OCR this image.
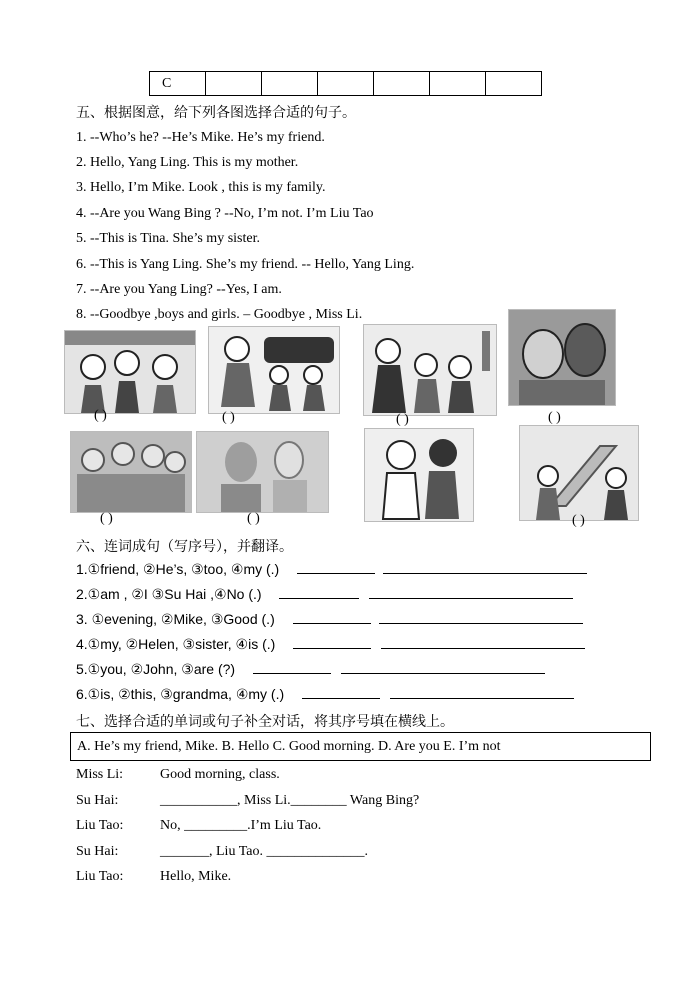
C						
五、根据图意，给下列各图选择合适的句子。
1. --Who’s he? --He’s Mike. He’s my friend.
2. Hello, Yang Ling. This is my mother.
3. Hello, I’m Mike. Look , this is my family.
4. --Are you Wang Bing ? --No, I’m not. I’m Liu Tao
5. --This is Tina. She’s my sister.
6. --This is Yang Ling. She’s my friend. -- Hello, Yang Ling.
7. --Are you Yang Ling? --Yes, I am.
8. --Goodbye ,boys and girls. – Goodbye , Miss Li.
( )	( )	( )	( )
( )	( )	( )
六、连词成句（写序号），并翻译。
1.①friend, ②He’s, ③too, ④my (.)
2.①am , ②I ③Su Hai ,④No (.)
3. ①evening, ②Mike, ③Good (.)
4.①my, ②Helen, ③sister, ④is (.)
5.①you, ②John, ③are (?)
6.①is, ②this, ③grandma, ④my (.)
七、选择合适的单词或句子补全对话，将其序号填在横线上。
A. He’s my friend, Mike. B. Hello C. Good morning. D. Are you E. I’m not
Miss Li:	Good morning, class.
Su Hai:	___________, Miss Li.________ Wang Bing?
Liu Tao:	No, _________.I’m Liu Tao.
Su Hai:	_______, Liu Tao. ______________.
Liu Tao:	Hello, Mike.
